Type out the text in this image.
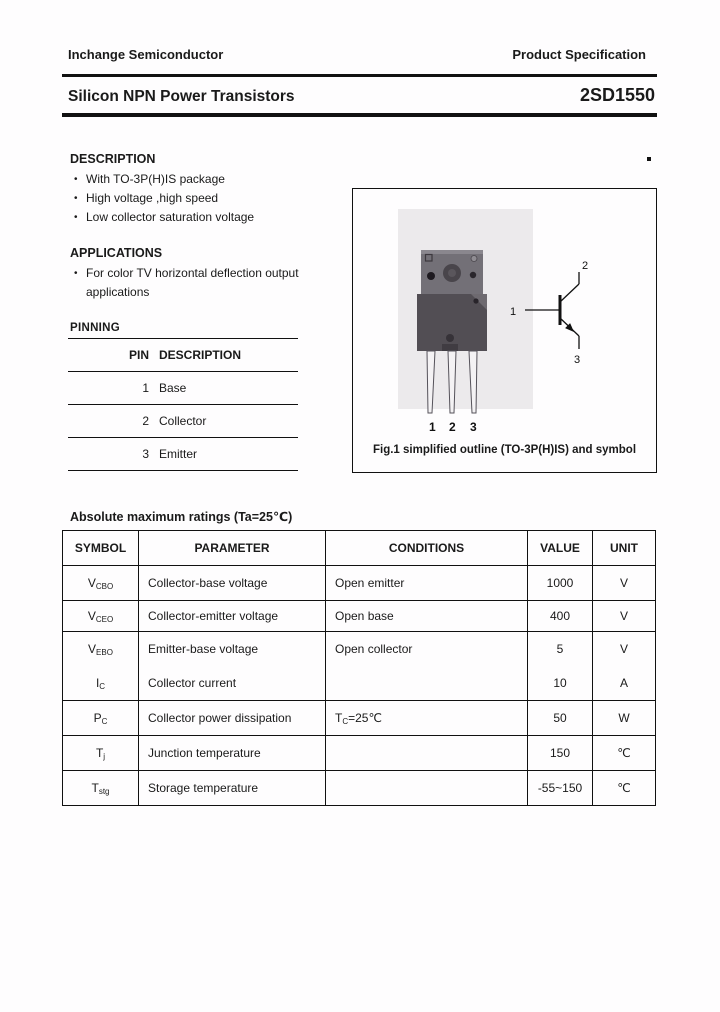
Inchange Semiconductor	Product Specification
Silicon NPN Power Transistors	2SD1550
DESCRIPTION
• With TO-3P(H)IS package
• High voltage ,high speed
• Low collector saturation voltage
APPLICATIONS
• For color TV horizontal deflection output applications
PINNING
PIN	DESCRIPTION
1	Base
2	Collector
3	Emitter
1 2 3
1
2
3
Fig.1 simplified outline (TO-3P(H)IS) and symbol
Absolute maximum ratings (Ta=25℃)
SYMBOL	PARAMETER	CONDITIONS	VALUE	UNIT
$V_{CBO}$	Collector-base voltage	Open emitter	1000	V
$V_{CEO}$	Collector-emitter voltage	Open base	400	V
$V_{EBO}$	Emitter-base voltage	Open collector	5	V
$I_C$	Collector current		10	A
$P_C$	Collector power dissipation	$T_C=25℃$	50	W
$T_j$	Junction temperature		150	℃
$T_{stg}$	Storage temperature		-55~150	℃
